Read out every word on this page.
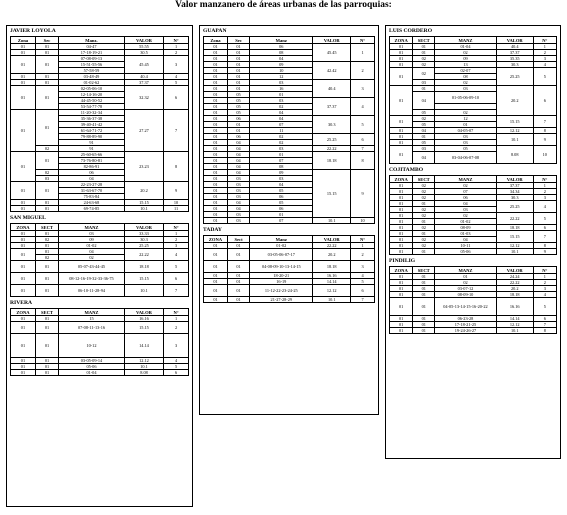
Valor manzanero de áreas urbanas de las parroquias:
JAVIER LOYOLA
Zona	Sec	Manz.	VALOR	N°
01	01	04-47	55.55	1
01	01	17-18-19-21	30.5	2
01	01	07-08-09-13	45.45	3
		15-51-55-56		
		57-58-59		
01	01	03-48-49	40.4	4
01	01	01-02-62	37.37	5
01	01	02-05-06-10	32.32	6
		12-14-16-20		
		44-45-50-52		
		53-54-77-78		
01	01	11-20-32-34	27.27	7
		35-36-37-38		
		39-40-41-42		
		61-64-71-72		
		79-88-89-90		
		91		
	02	91		
01	01	25-60-65-66	23.23	8
		73-76-80-81		
		82-86-91		
	02	06		
	03	04		
01	01	22-23-27-28	20.2	9
		31-63-67-70		
		75-83-84		
01	01	24-63-68	15.15	10
01	01	69-74-85	10.1	11
SAN MIGUEL
ZONA	SECT	MANZ	VALOR	N°
01	01	03	33.33	1
01	02	09	30.3	2
01	01	01-02	25.25	3
01	01	04	22.22	4
	02	02		
01	01	05-07-43-44-45	18.18	5
01	01	08-12-16-19-32-33-36-75	15.15	6
01	01	06-10-11-28-94	10.1	7
RIVERA
ZONA	SECT	MANZ	VALOR	N°
01	01	15	16.16	1
01	01	07-08-11-13-16	15.15	2
01	01	10-12	14.14	3
01	01	03-05-09-14	12.12	4
01	01	05-06	10.1	5
01	01	01-04	8.08	6
GUAPAN
Zona	Sec	Manz	VALOR	N°
01	01	06	45.45	1
01	01	08		
01	01	04		
01	01	09	42.42	2
01	01	10		
01	01	12		
01	01	03	40.4	3
01	01	16		
01	05	01		
01	05	03	37.37	4
01	05	02		
01	05	04		
01	06	04	30.3	5
01	01	07		
01	01	11		
01	06	02	25.25	6
01	04	02		
01	04	03	22.22	7
01	04	01	18.18	8
01	04	07		
01	04	08		
01	04	09	15.15	9
01	03	03		
01	03	04		
01	03	05		
01	03	06		
01	04	05		
01	04	06		
01	03	01		
01	03	07	10.1	10
TADAY
ZONA	Sect	Manz	VALOR	N°
01	01	01-02	22.22	1
01	01	03-05-06-07-17	20.2	2
01	01	04-08-09-10-13-14-15	18.18	3
01	01	18-20-21	16.16	4
01	01	16-19	14.14	5
01	01	11-12-22-23-24-25	12.12	6
01	01	21-27-28-29	10.1	7
LUIS CORDERO
ZONA	SECT	MANZ	VALOR	N°
01	01	01-04	40.4	1
01	01	02	37.37	2
01	02	09	35.35	3
01	02	13	30.3	4
01	02	02-07	25.25	5
		08		
	03	02		
01	01	03	20.2	6
	04	01-05-06-09-10		

	05	02		
01	02	12	15.15	7
	05	01		
01	04	04-05-07	12.12	8
01	01	03	10.1	9
01	05	03		
01	03	05	8.08	10
	04	03-04-06-07-08		
COJITAMBO
ZONA	SECT	MANZ	VALOR	N°
01	02	02	37.37	1
01	02	07	34.34	2
01	02	06	30.3	3
01	01	04	25.25	4
01	02	03		
01	02	02	22.22	5
01	01	01-02		
01	02	08-09	18.18	6
01	01	01-03	15.15	7
01	02	04		
01	02	10-11	12.12	8
01	01	05-06	10.1	9
PINDILIG
ZONA	SECT	MANZ	VALOR	N°
01	01	01	24.24	1
01	01	02	22.22	2
01	01	03-07-12	20.2	3
01	01	08-09-10	18.18	4
01	01	04-05-13-14-15-16-20-22	16.16	5
01	01	06-23-28	14.14	6
01	01	17-18-21-25	12.12	7
01	01	19-24-26-27	10.1	8
